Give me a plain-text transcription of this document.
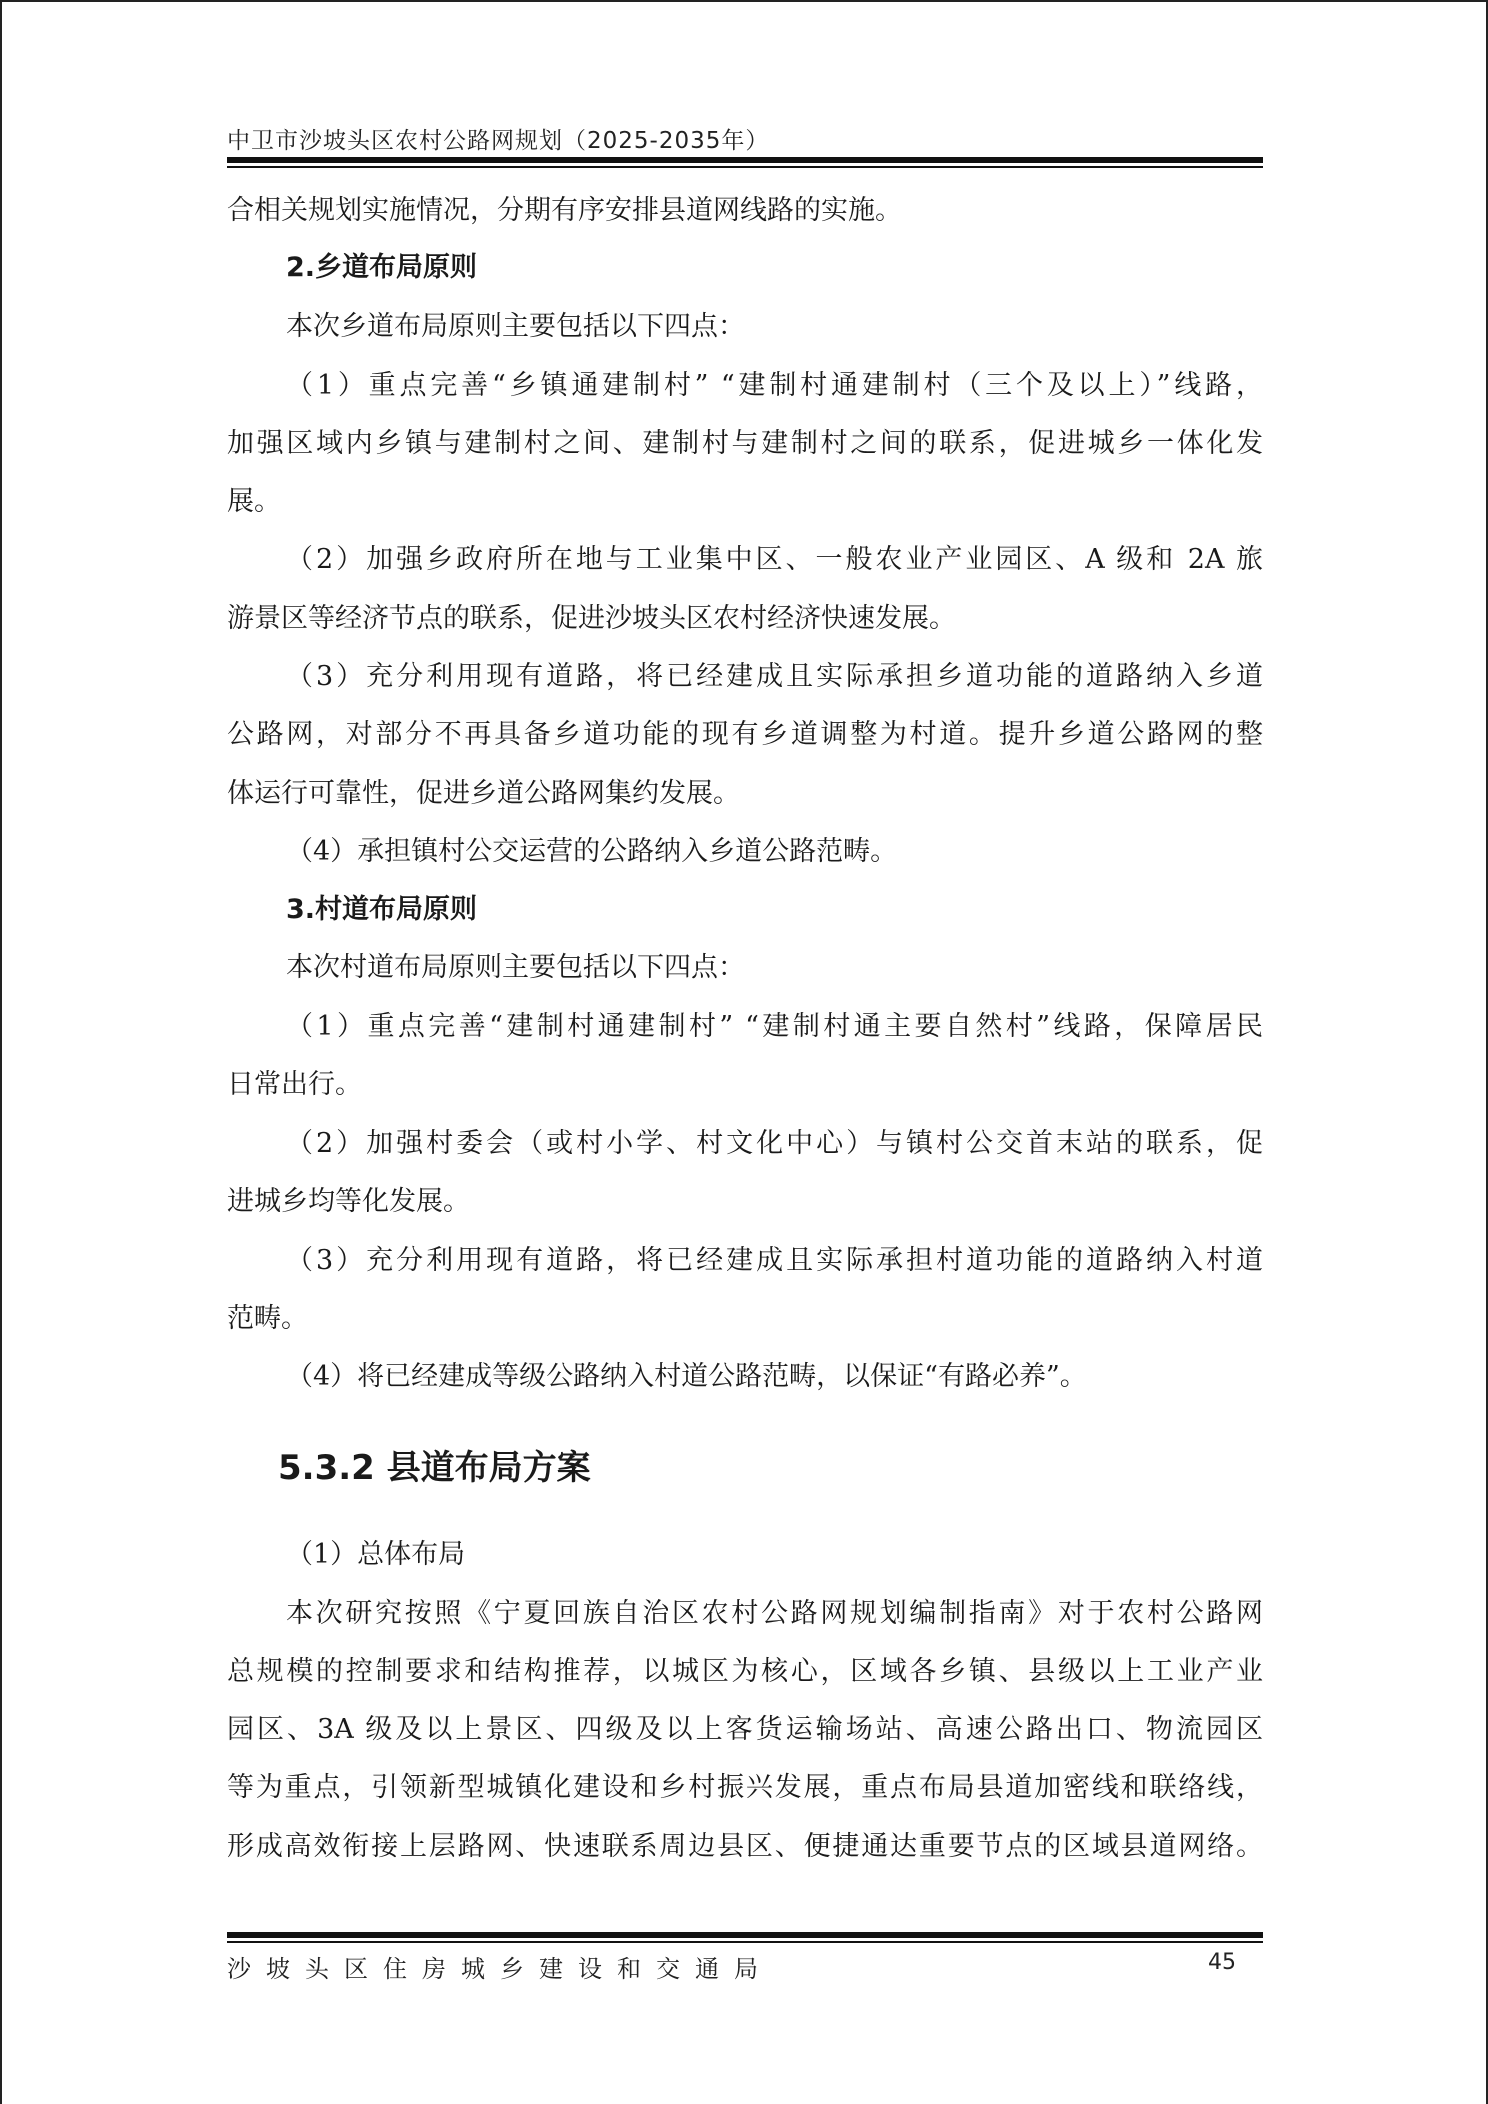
中卫市沙坡头区农村公路网规划（2025-2035年）
合相关规划实施情况，分期有序安排县道网线路的实施。
2.乡道布局原则
本次乡道布局原则主要包括以下四点：
（1）重点完善“乡镇通建制村” “建制村通建制村（三个及以上）”线路，
加强区域内乡镇与建制村之间、建制村与建制村之间的联系，促进城乡一体化发
展。
（2）加强乡政府所在地与工业集中区、一般农业产业园区、A 级和 2A 旅
游景区等经济节点的联系，促进沙坡头区农村经济快速发展。
（3）充分利用现有道路，将已经建成且实际承担乡道功能的道路纳入乡道
公路网，对部分不再具备乡道功能的现有乡道调整为村道。提升乡道公路网的整
体运行可靠性，促进乡道公路网集约发展。
（4）承担镇村公交运营的公路纳入乡道公路范畴。
3.村道布局原则
本次村道布局原则主要包括以下四点：
（1）重点完善“建制村通建制村” “建制村通主要自然村”线路，保障居民
日常出行。
（2）加强村委会（或村小学、村文化中心）与镇村公交首末站的联系，促
进城乡均等化发展。
（3）充分利用现有道路，将已经建成且实际承担村道功能的道路纳入村道
范畴。
（4）将已经建成等级公路纳入村道公路范畴，以保证“有路必养”。
5.3.2 县道布局方案
（1）总体布局
本次研究按照《宁夏回族自治区农村公路网规划编制指南》对于农村公路网
总规模的控制要求和结构推荐，以城区为核心，区域各乡镇、县级以上工业产业
园区、3A 级及以上景区、四级及以上客货运输场站、高速公路出口、物流园区
等为重点，引领新型城镇化建设和乡村振兴发展，重点布局县道加密线和联络线，
形成高效衔接上层路网、快速联系周边县区、便捷通达重要节点的区域县道网络。
沙坡头区住房城乡建设和交通局	45
